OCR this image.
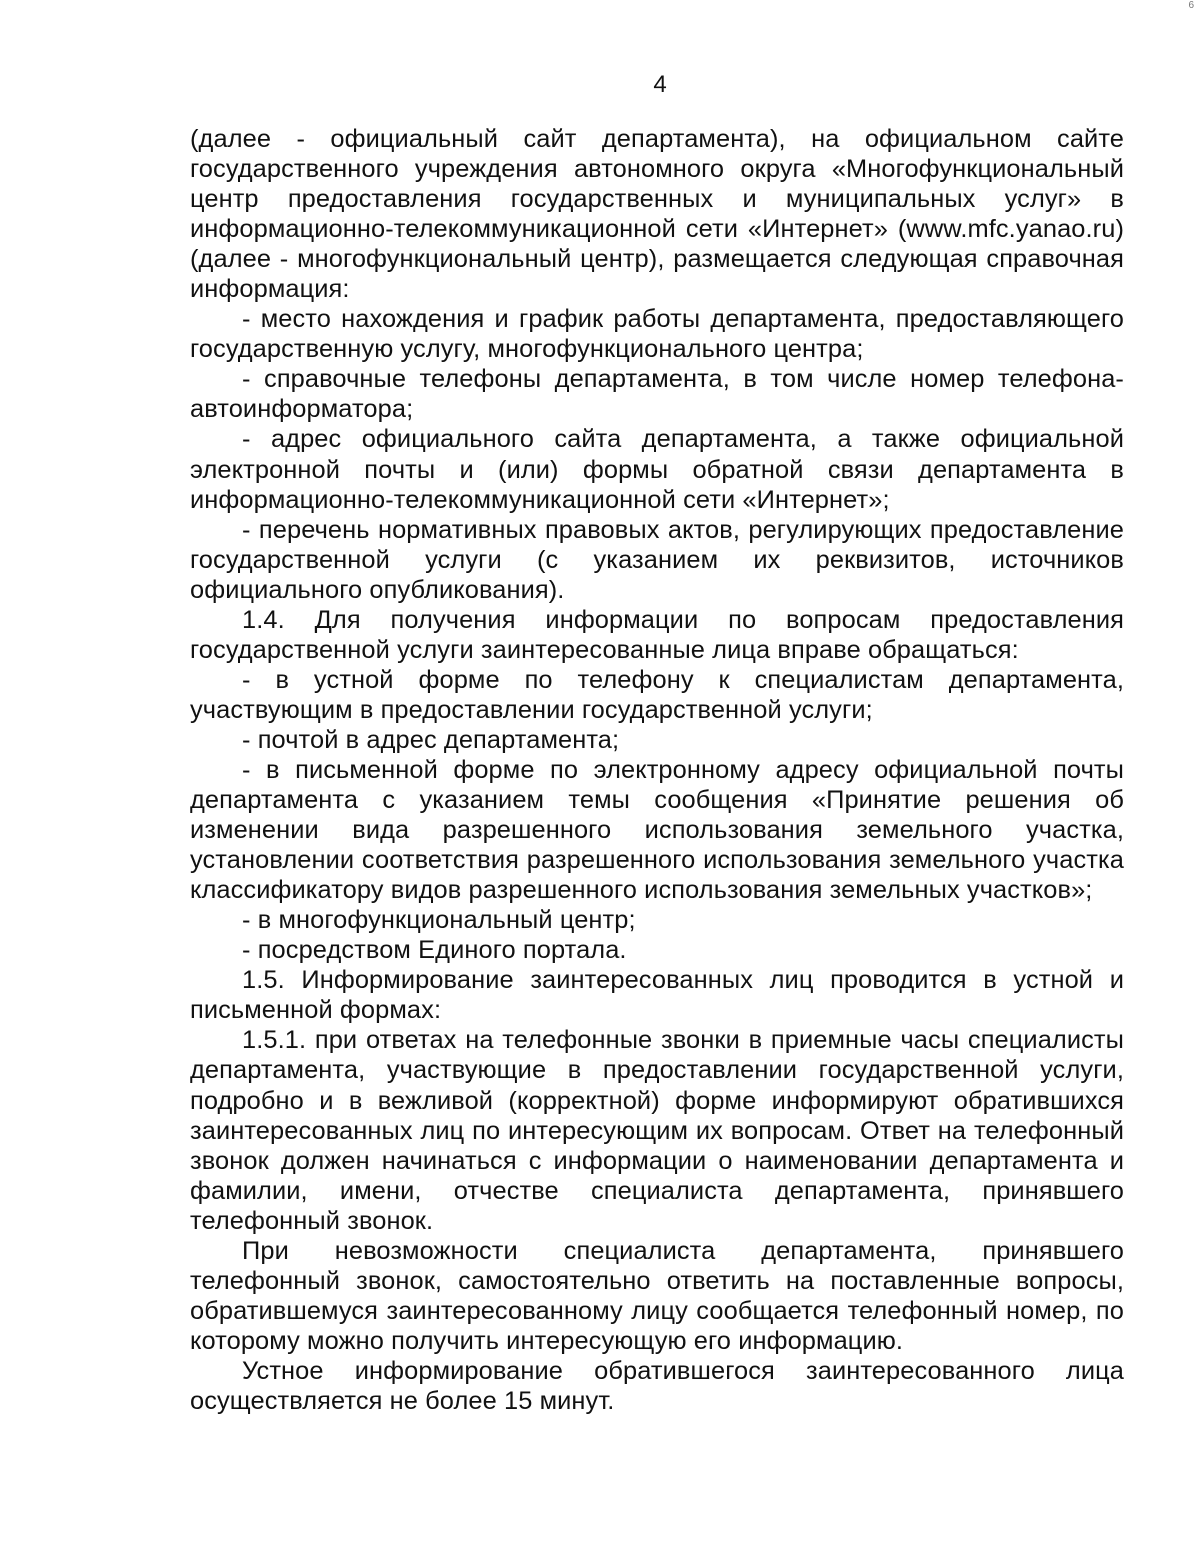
6
4

(далее - официальный сайт департамента), на официальном сайте государственного учреждения автономного округа «Многофункциональный центр предоставления государственных и муниципальных услуг» в информационно-телекоммуникационной сети «Интернет» (www.mfc.yanao.ru) (далее - многофункциональный центр), размещается следующая справочная информация:

- место нахождения и график работы департамента, предоставляющего государственную услугу, многофункционального центра;

- справочные телефоны департамента, в том числе номер телефона-автоинформатора;

- адрес официального сайта департамента, а также официальной электронной почты и (или) формы обратной связи департамента в информационно-телекоммуникационной сети «Интернет»;

- перечень нормативных правовых актов, регулирующих предоставление государственной услуги (с указанием их реквизитов, источников официального опубликования).

1.4. Для получения информации по вопросам предоставления государственной услуги заинтересованные лица вправе обращаться:

- в устной форме по телефону к специалистам департамента, участвующим в предоставлении государственной услуги;

- почтой в адрес департамента;

- в письменной форме по электронному адресу официальной почты департамента с указанием темы сообщения «Принятие решения об изменении вида разрешенного использования земельного участка, установлении соответствия разрешенного использования земельного участка классификатору видов разрешенного использования земельных участков»;

- в многофункциональный центр;

- посредством Единого портала.

1.5. Информирование заинтересованных лиц проводится в устной и письменной формах:

1.5.1. при ответах на телефонные звонки в приемные часы специалисты департамента, участвующие в предоставлении государственной услуги, подробно и в вежливой (корректной) форме информируют обратившихся заинтересованных лиц по интересующим их вопросам. Ответ на телефонный звонок должен начинаться с информации о наименовании департамента и фамилии, имени, отчестве специалиста департамента, принявшего телефонный звонок.

При невозможности специалиста департамента, принявшего телефонный звонок, самостоятельно ответить на поставленные вопросы, обратившемуся заинтересованному лицу сообщается телефонный номер, по которому можно получить интересующую его информацию.

Устное информирование обратившегося заинтересованного лица осуществляется не более 15 минут.
